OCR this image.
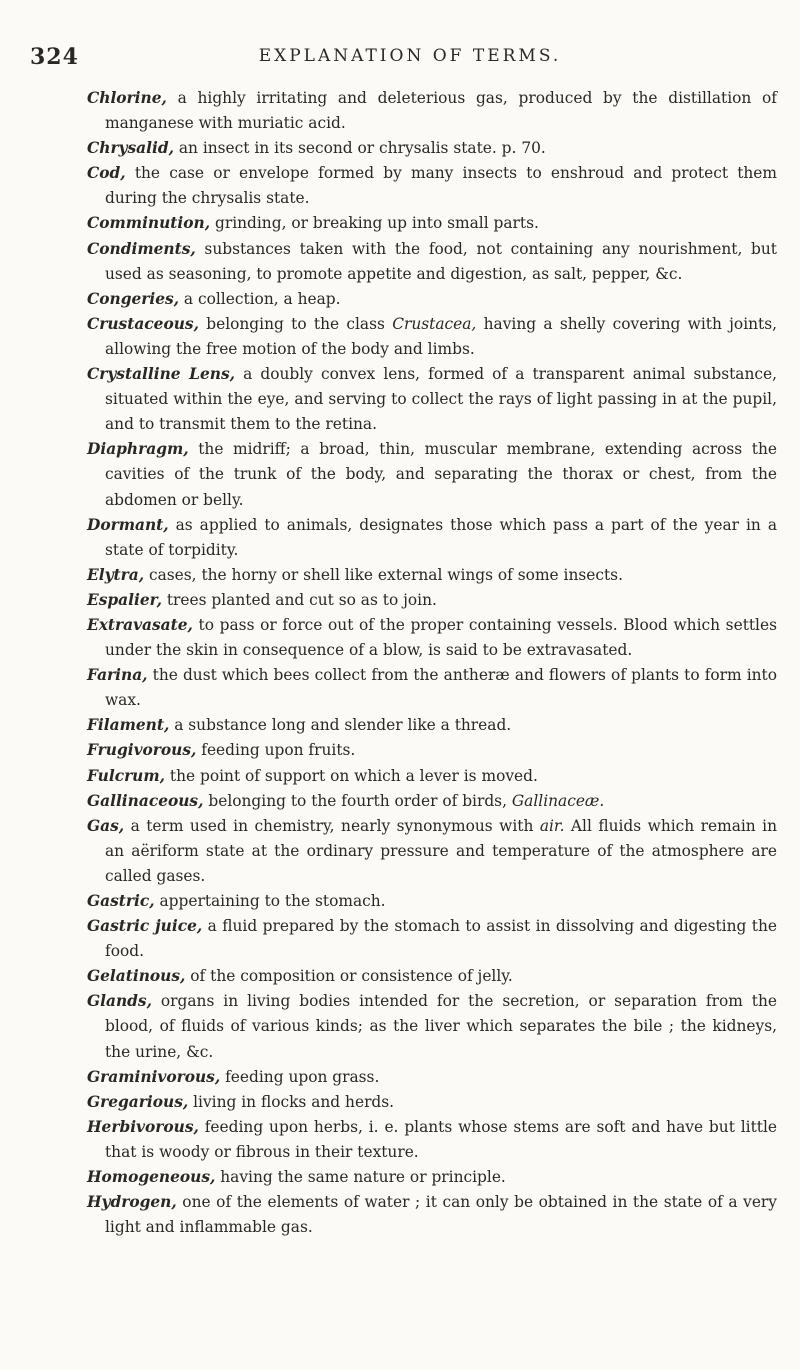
324	EXPLANATION OF TERMS.

Chlorine, a highly irritating and deleterious gas, produced by the distillation of manganese with muriatic acid.

Chrysalid, an insect in its second or chrysalis state. p. 70.

Cod, the case or envelope formed by many insects to enshroud and protect them during the chrysalis state.

Comminution, grinding, or breaking up into small parts.

Condiments, substances taken with the food, not containing any nourishment, but used as seasoning, to promote appetite and digestion, as salt, pepper, &c.

Congeries, a collection, a heap.

Crustaceous, belonging to the class Crustacea, having a shelly covering with joints, allowing the free motion of the body and limbs.

Crystalline Lens, a doubly convex lens, formed of a transparent animal substance, situated within the eye, and serving to collect the rays of light passing in at the pupil, and to transmit them to the retina.

Diaphragm, the midriff; a broad, thin, muscular membrane, extending across the cavities of the trunk of the body, and separating the thorax or chest, from the abdomen or belly.

Dormant, as applied to animals, designates those which pass a part of the year in a state of torpidity.

Elytra, cases, the horny or shell like external wings of some insects.

Espalier, trees planted and cut so as to join.

Extravasate, to pass or force out of the proper containing vessels. Blood which settles under the skin in consequence of a blow, is said to be extravasated.

Farina, the dust which bees collect from the antheræ and flowers of plants to form into wax.

Filament, a substance long and slender like a thread.

Frugivorous, feeding upon fruits.

Fulcrum, the point of support on which a lever is moved.

Gallinaceous, belonging to the fourth order of birds, Gallinaceæ.

Gas, a term used in chemistry, nearly synonymous with air. All fluids which remain in an aëriform state at the ordinary pressure and temperature of the atmosphere are called gases.

Gastric, appertaining to the stomach.

Gastric juice, a fluid prepared by the stomach to assist in dissolving and digesting the food.

Gelatinous, of the composition or consistence of jelly.

Glands, organs in living bodies intended for the secretion, or separation from the blood, of fluids of various kinds; as the liver which separates the bile ; the kidneys, the urine, &c.

Graminivorous, feeding upon grass.

Gregarious, living in flocks and herds.

Herbivorous, feeding upon herbs, i. e. plants whose stems are soft and have but little that is woody or fibrous in their texture.

Homogeneous, having the same nature or principle.

Hydrogen, one of the elements of water ; it can only be obtained in the state of a very light and inflammable gas.
